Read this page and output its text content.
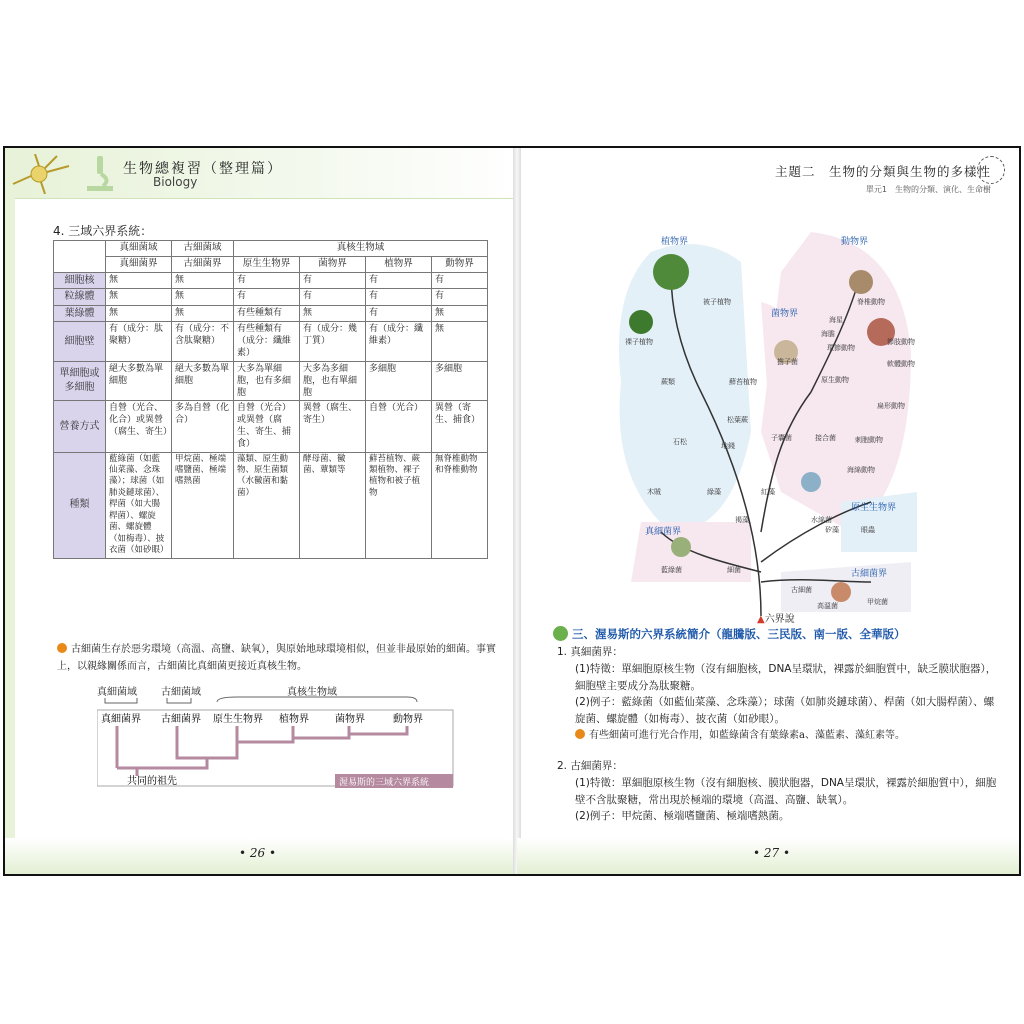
生物總複習（整理篇）
Biology
4. 三域六界系統：
	真細菌域	古細菌域	真核生物域			
	真細菌界	古細菌界	原生生物界	菌物界	植物界	動物界
細胞核	無	無	有	有	有	有
粒線體	無	無	有	有	有	有
葉綠體	無	無	有些種類有	無	有	無
細胞壁	有（成分：肽聚糖）	有（成分：不含肽聚糖）	有些種類有（成分：纖維素）	有（成分：幾丁質）	有（成分：纖維素）	無
單細胞或多細胞	絕大多數為單細胞	絕大多數為單細胞	大多為單細胞，也有多細胞	大多為多細胞，也有單細胞	多細胞	多細胞
營養方式	自營（光合、化合）或異營（腐生、寄生）	多為自營（化合）	自營（光合）或異營（腐生、寄生、捕食）	異營（腐生、寄生）	自營（光合）	異營（寄生、捕食）
種類	藍綠菌（如藍仙菜藻、念珠藻）；球菌（如肺炎鏈球菌）、桿菌（如大腸桿菌）、螺旋菌、螺旋體（如梅毒）、披衣菌（如砂眼）	甲烷菌、極端嗜鹽菌、極端嗜熱菌	藻類、原生動物、原生菌類（水黴菌和黏菌）	酵母菌、黴菌、蕈類等	蘚苔植物、蕨類植物、裸子植物和被子植物	無脊椎動物和脊椎動物
古細菌生存於惡劣環境（高溫、高鹽、缺氧），與原始地球環境相似，但並非最原始的細菌。事實上，以親緣關係而言，古細菌比真細菌更接近真核生物。
真細菌域 古細菌域	真核生物域
真細菌界 古細菌界 原生生物界 植物界	菌物界	動物界
共同的祖先	渥易斯的三域六界系統
• 26 •
主題二　生物的分類與生物的多樣性
單元1　生物的分類、演化、生命樹
植物界	動物界
菌物界
原生生物界
真細菌界
古細菌界
被子植物
裸子植物
蕨類	蘚苔植物
木賊
石松
松葉蕨
地錢
綠藻
褐藻
紅藻
矽藻	眼蟲
水綿菌
擔子菌
子囊菌	接合菌
脊椎動物
海星
海膽
環節動物
軟體動物
節肢動物
扁形動物
刺胞動物
海綿動物
原生動物
藍綠菌	細菌
古細菌
甲烷菌
高溫菌
▲六界說
三、渥易斯的六界系統簡介（龍騰版、三民版、南一版、全華版）
1. 真細菌界：
(1)特徵：單細胞原核生物（沒有細胞核，DNA呈環狀，裸露於細胞質中，缺乏膜狀胞器），細胞壁主要成分為肽聚糖。
(2)例子：藍綠菌（如藍仙菜藻、念珠藻）；球菌（如肺炎鏈球菌）、桿菌（如大腸桿菌）、螺旋菌、螺旋體（如梅毒）、披衣菌（如砂眼）。
有些細菌可進行光合作用，如藍綠菌含有葉綠素a、藻藍素、藻紅素等。
2. 古細菌界：
(1)特徵：單細胞原核生物（沒有細胞核、膜狀胞器，DNA呈環狀，裸露於細胞質中），細胞壁不含肽聚糖，常出現於極端的環境（高溫、高鹽、缺氧）。
(2)例子：甲烷菌、極端嗜鹽菌、極端嗜熱菌。
• 27 •
